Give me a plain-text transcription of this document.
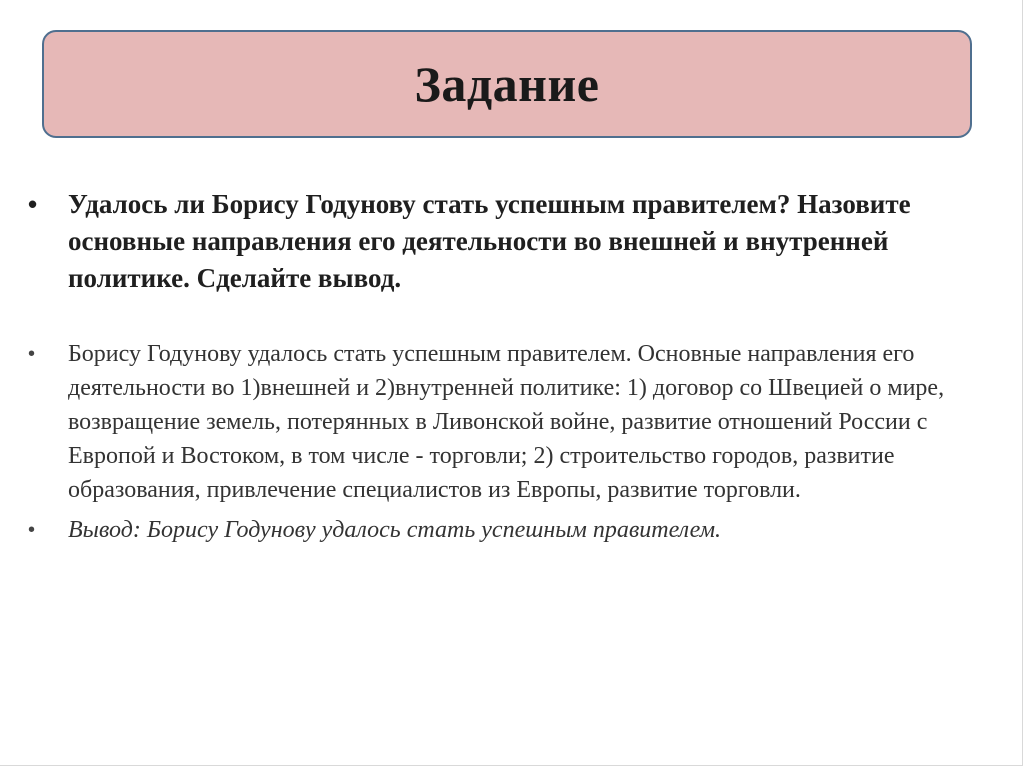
Задание
• Удалось ли Борису Годунову стать успешным правителем? Назовите основные направления его деятельности во внешней и внутренней политике. Сделайте вывод.
• Борису Годунову удалось стать успешным правителем. Основные направления его деятельности во 1)внешней и 2)внутренней политике: 1) договор со Швецией о мире, возвращение земель, потерянных в Ливонской войне, развитие отношений России с Европой и Востоком, в том числе - торговли; 2) строительство городов, развитие образования, привлечение специалистов из Европы, развитие торговли.
• Вывод: Борису Годунову удалось стать успешным правителем.
